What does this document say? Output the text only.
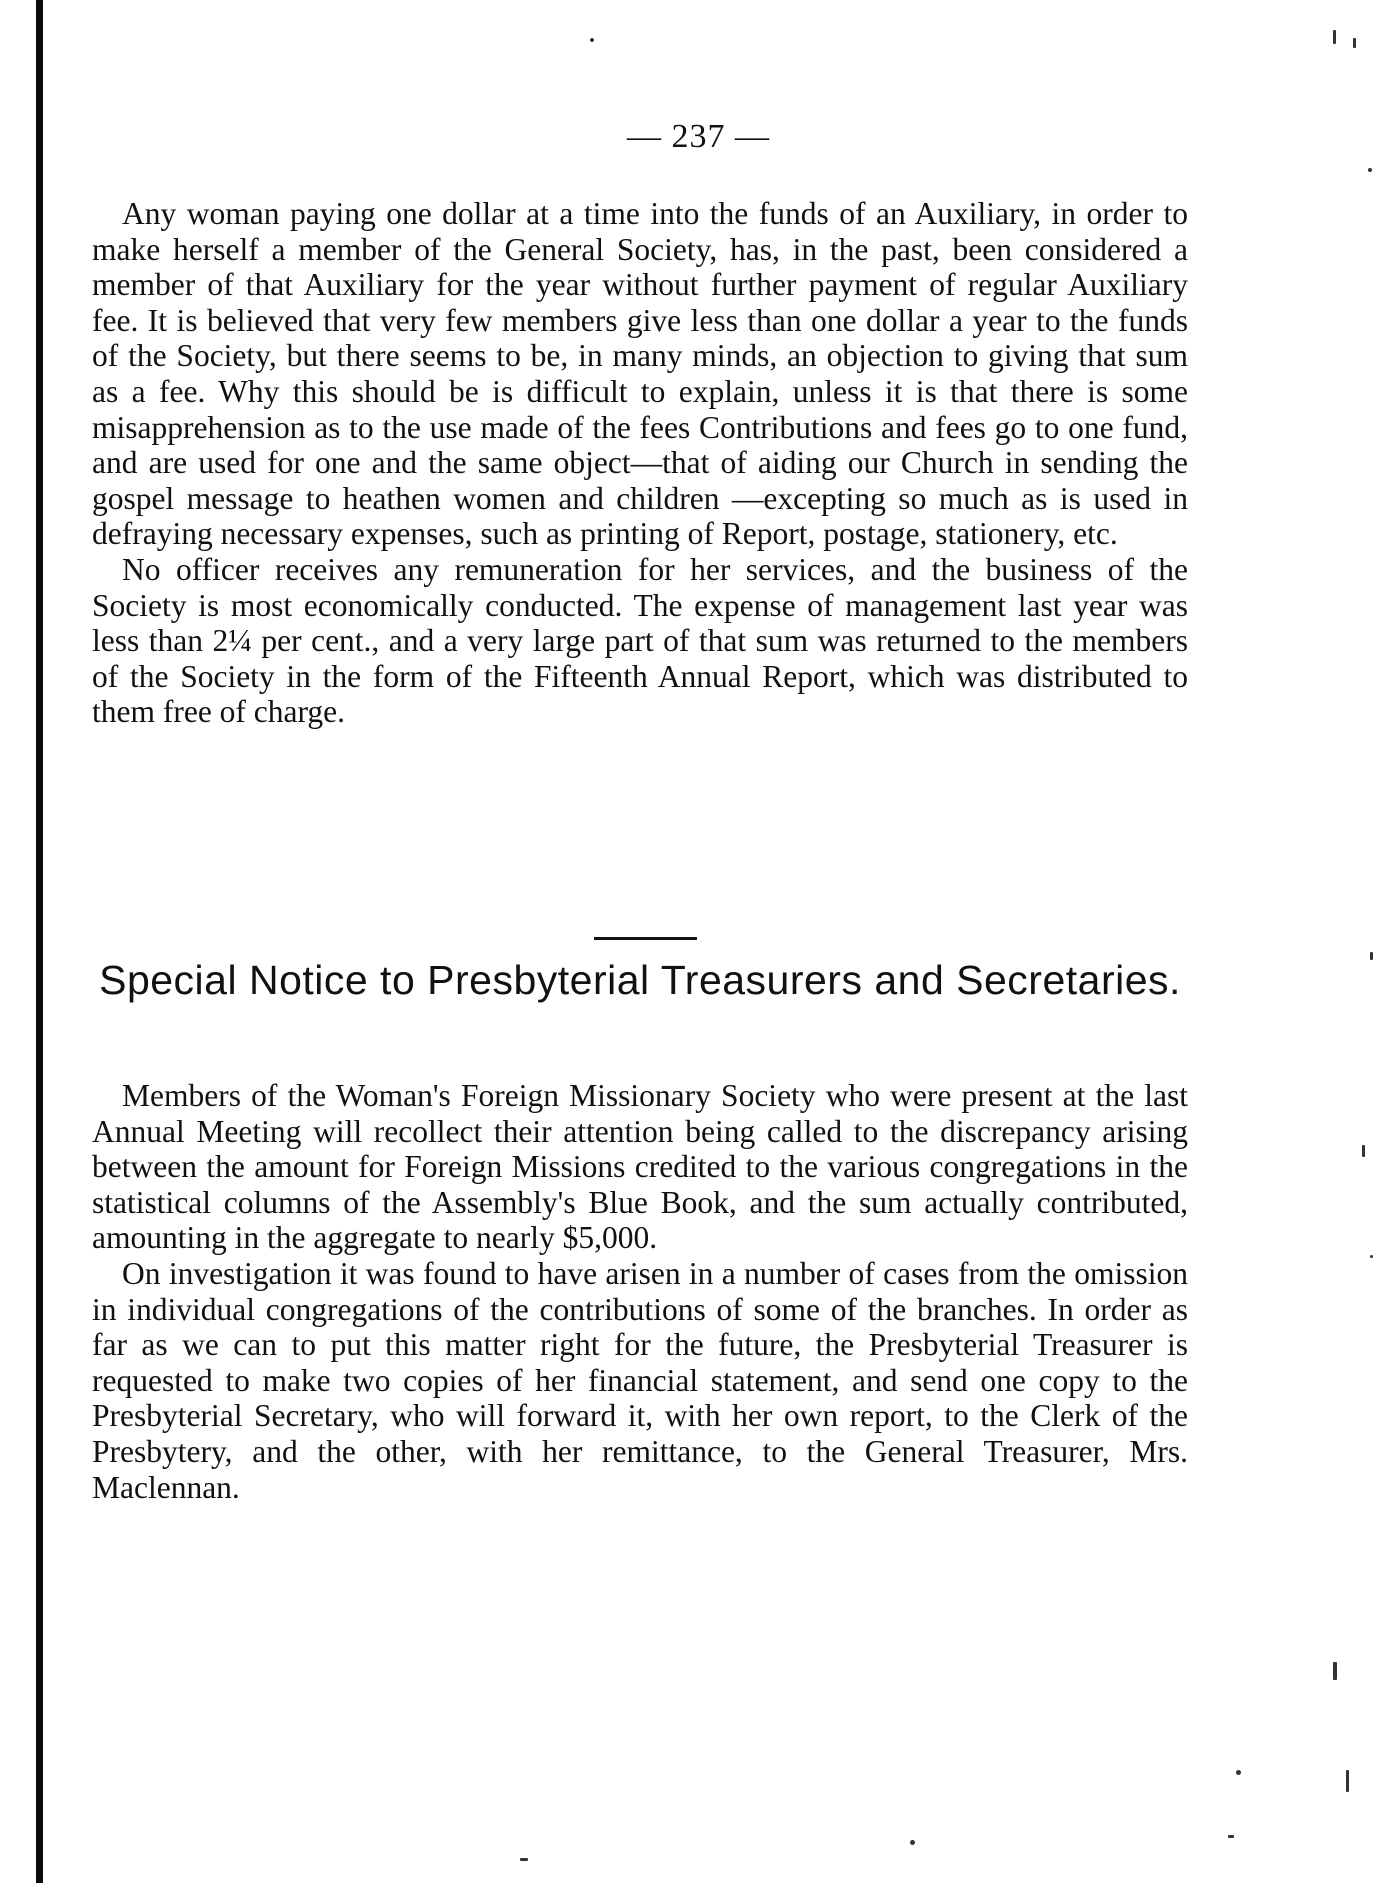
— 237 —

Any woman paying one dollar at a time into the funds of an Auxiliary, in order to make herself a member of the General Society, has, in the past, been considered a member of that Auxiliary for the year without further payment of regular Auxiliary fee. It is believed that very few members give less than one dollar a year to the funds of the Society, but there seems to be, in many minds, an objection to giving that sum as a fee. Why this should be is difficult to explain, unless it is that there is some misapprehension as to the use made of the fees Contributions and fees go to one fund, and are used for one and the same object—that of aiding our Church in sending the gospel message to heathen women and children —excepting so much as is used in defraying necessary expenses, such as printing of Report, postage, stationery, etc.

No officer receives any remuneration for her services, and the business of the Society is most economically conducted. The expense of management last year was less than 2¼ per cent., and a very large part of that sum was returned to the members of the Society in the form of the Fifteenth Annual Report, which was distributed to them free of charge.

Special Notice to Presbyterial Treasurers and Secretaries.

Members of the Woman's Foreign Missionary Society who were present at the last Annual Meeting will recollect their attention being called to the discrepancy arising between the amount for Foreign Missions credited to the various congregations in the statistical columns of the Assembly's Blue Book, and the sum actually contributed, amounting in the aggregate to nearly $5,000.

On investigation it was found to have arisen in a number of cases from the omission in individual congregations of the contributions of some of the branches. In order as far as we can to put this matter right for the future, the Presbyterial Treasurer is requested to make two copies of her financial statement, and send one copy to the Presbyterial Secretary, who will forward it, with her own report, to the Clerk of the Presbytery, and the other, with her remittance, to the General Treasurer, Mrs. Maclennan.
